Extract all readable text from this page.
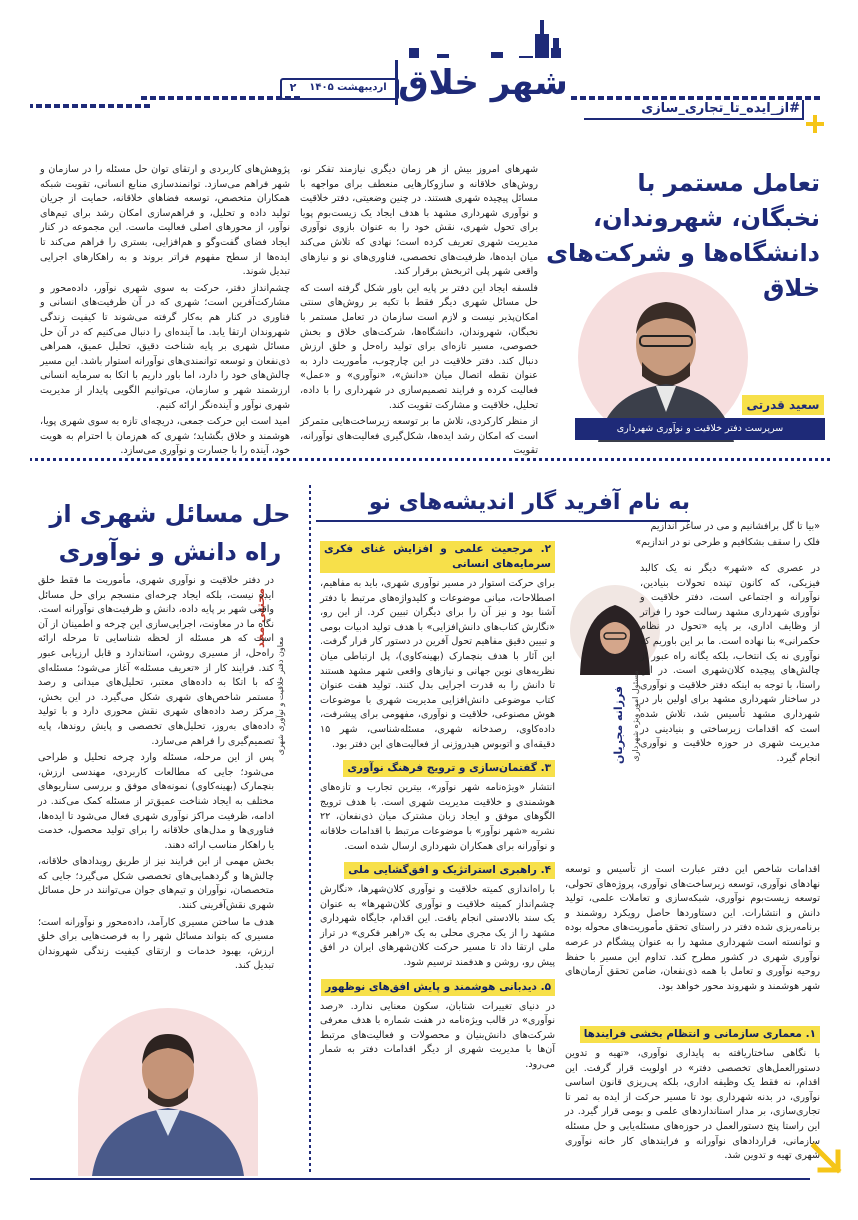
شهر خلاق
۲	اردیبهشت ۱۴۰۵
#از_ایده_تا_تجاری_سازی
تعامل مستمر با نخبگان، شهروندان، دانشگاه‌ها و شرکت‌های خلاق
سعید قدرتی
سرپرست دفتر خلاقیت و نوآوری شهرداری

شهرهای امروز بیش از هر زمان دیگری نیازمند تفکر نو، روش‌های خلاقانه و سازوکارهایی منعطف برای مواجهه با مسائل پیچیده شهری هستند. در چنین وضعیتی، دفتر خلاقیت و نوآوری شهرداری مشهد با هدف ایجاد یک زیست‌بوم پویا برای تحول شهری، نقش خود را به عنوان بازوی نوآوری مدیریت شهری تعریف کرده است؛ نهادی که تلاش می‌کند میان ایده‌ها، ظرفیت‌های تخصصی، فناوری‌های نو و نیازهای واقعی شهر پلی اثربخش برقرار کند.

فلسفه ایجاد این دفتر بر پایه این باور شکل گرفته است که حل مسائل شهری دیگر فقط با تکیه بر روش‌های سنتی امکان‌پذیر نیست و لازم است سازمان در تعامل مستمر با نخبگان، شهروندان، دانشگاه‌ها، شرکت‌های خلاق و بخش خصوصی، مسیر تازه‌ای برای تولید راه‌حل و خلق ارزش دنبال کند. دفتر خلاقیت در این چارچوب، مأموریت دارد به عنوان نقطه اتصال میان «دانش»، «نوآوری» و «عمل» فعالیت کرده و فرایند تصمیم‌سازی در شهرداری را با داده، تحلیل، خلاقیت و مشارکت تقویت کند.

از منظر کارکردی، تلاش ما بر توسعه زیرساخت‌هایی متمرکز است که امکان رشد ایده‌ها، شکل‌گیری فعالیت‌های نوآورانه، تقویت

پژوهش‌های کاربردی و ارتقای توان حل مسئله را در سازمان و شهر فراهم می‌سازد. توانمندسازی منابع انسانی، تقویت شبکه همکاران متخصص، توسعه فضاهای خلاقانه، حمایت از جریان تولید داده و تحلیل، و فراهم‌سازی امکان رشد برای تیم‌های نوآور، از محورهای اصلی فعالیت ماست. این مجموعه در کنار ایجاد فضای گفت‌وگو و هم‌افزایی، بستری را فراهم می‌کند تا ایده‌ها از سطح مفهوم فراتر بروند و به راهکارهای اجرایی تبدیل شوند.

چشم‌انداز دفتر، حرکت به سوی شهری نوآور، داده‌محور و مشارکت‌آفرین است؛ شهری که در آن ظرفیت‌های انسانی و فناوری در کنار هم به‌کار گرفته می‌شوند تا کیفیت زندگی شهروندان ارتقا یابد. ما آینده‌ای را دنبال می‌کنیم که در آن حل مسائل شهری بر پایه شناخت دقیق، تحلیل عمیق، همراهی ذی‌نفعان و توسعه توانمندی‌های نوآورانه استوار باشد. این مسیر چالش‌های خود را دارد، اما باور داریم با اتکا به سرمایه انسانی ارزشمند شهر و سازمان، می‌توانیم الگویی پایدار از مدیریت شهری نوآور و آینده‌نگر ارائه کنیم.

امید است این حرکت جمعی، دریچه‌ای تازه به سوی شهری پویا، هوشمند و خلاق بگشاید؛ شهری که هم‌زمان با احترام به هویت خود، آینده را با جسارت و نوآوری می‌سازد.

به نام آفرید گار اندیشه‌های نو
«بیا تا گل برافشانیم و می در ساغر اندازیم
فلک را سقف بشکافیم و طرحی نو در اندازیم»
فرزانه مجریان مسئول امور ویژه شهرداری

در عصری که «شهر» دیگر نه یک کالبد فیزیکی، که کانون تپنده تحولات بنیادین، نوآورانه و اجتماعی است، دفتر خلاقیت و نوآوری شهرداری مشهد رسالت خود را فراتر از وظایف اداری، بر پایه «تحول در نظام حکمرانی» بنا نهاده است. ما بر این باوریم که نوآوری نه یک انتخاب، بلکه یگانه راه عبور از چالش‌های پیچیده کلان‌شهری است. در این راستا، با توجه به اینکه دفتر خلاقیت و نوآوری در ساختار شهرداری مشهد برای اولین بار در شهرداری مشهد تأسیس شد، تلاش شده است که اقدامات زیرساختی و بنیادینی در مدیریت شهری در حوزه خلاقیت و نوآوری انجام گیرد.

اقدامات شاخص این دفتر عبارت است از تأسیس و توسعه نهادهای نوآوری، توسعه زیرساخت‌های نوآوری، پروژه‌های تحولی، توسعه زیست‌بوم نوآوری، شبکه‌سازی و تعاملات علمی، تولید دانش و انتشارات. این دستاوردها حاصل رویکرد روشمند و برنامه‌ریزی شده دفتر در راستای تحقق مأموریت‌های محوله بوده و توانسته است شهرداری مشهد را به عنوان پیشگام در عرصه نوآوری شهری در کشور مطرح کند. تداوم این مسیر با حفظ روحیه نوآوری و تعامل با همه ذی‌نفعان، ضامن تحقق آرمان‌های شهر هوشمند و شهروند محور خواهد بود.

۱. معماری سازمانی و انتظام بخشی فرایندها

با نگاهی ساختاریافته به پایداری نوآوری، «تهیه و تدوین دستورالعمل‌های تخصصی دفتر» در اولویت قرار گرفت. این اقدام، نه فقط یک وظیفه اداری، بلکه پی‌ریزی قانون اساسی نوآوری، در بدنه شهرداری بود تا مسیر حرکت از ایده به ثمر تا تجاری‌سازی، بر مدار استانداردهای علمی و بومی قرار گیرد. در این راستا پنج دستورالعمل در حوزه‌های مسئله‌یابی و حل مسئله سازمانی، قراردادهای نوآورانه و فرایندهای کار خانه نوآوری شهری تهیه و تدوین شد.

۲. مرجعیت علمی و افزایش غنای فکری سرمایه‌های انسانی

برای حرکت استوار در مسیر نوآوری شهری، باید به مفاهیم، اصطلاحات، مبانی موضوعات و کلیدواژه‌های مرتبط با دفتر آشنا بود و نیز آن را برای دیگران تبیین کرد. از این رو، «نگارش کتاب‌های دانش‌افزایی» با هدف تولید ادبیات بومی و تبیین دقیق مفاهیم تحول آفرین در دستور کار قرار گرفت. این آثار با هدف بنچمارک (بهینه‌کاوی)، پل ارتباطی میان نظریه‌های نوین جهانی و نیازهای واقعی شهر مشهد هستند تا دانش را به قدرت اجرایی بدل کنند. تولید هفت عنوان کتاب موضوعی دانش‌افزایی مدیریت شهری با موضوعات هوش مصنوعی، خلاقیت و نوآوری، مفهومی برای پیشرفت، داده‌کاوی، رصدخانه شهری، مسئله‌شناسی، شهر ۱۵ دقیقه‌ای و اتوبوس هیدروژنی از فعالیت‌های این دفتر بود.

۳. گفتمان‌سازی و ترویج فرهنگ نوآوری

انتشار «ویژه‌نامه شهر نوآور»، بیترین تجارب و تازه‌های هوشمندی و خلاقیت مدیریت شهری است. با هدف ترویج الگوهای موفق و ایجاد زبان مشترک میان ذی‌نفعان، ۲۲ نشریه «شهر نوآور» با موضوعات مرتبط با اقدامات خلاقانه و نوآورانه برای همکاران شهرداری ارسال شده است.

۴. راهبری استراتژیک و افق‌گشایی ملی

با راه‌اندازی کمیته خلاقیت و نوآوری کلان‌شهرها، «نگارش چشم‌انداز کمیته خلاقیت و نوآوری کلان‌شهرها» به عنوان یک سند بالادستی انجام یافت. این اقدام، جایگاه شهرداری مشهد را از یک مجری محلی به یک «راهبر فکری» در تراز ملی ارتقا داد تا مسیر حرکت کلان‌شهرهای ایران در افق پیش رو، روشن و هدفمند ترسیم شود.

۵. دیدبانی هوشمند و پایش افق‌های نوظهور

در دنیای تغییرات شتابان، سکون معنایی ندارد. «رصد نوآوری» در قالب ویژه‌نامه در هفت شماره با هدف معرفی شرکت‌های دانش‌بنیان و محصولات و فعالیت‌های مرتبط آن‌ها با مدیریت شهری از دیگر اقدامات دفتر به شمار می‌رود.

حل مسائل شهری از راه دانش و نوآوری
مجتبی مجد
معاون دفتر خلاقیت و نوآوری شهری

در دفتر خلاقیت و نوآوری شهری، مأموریت ما فقط خلق ایده نیست، بلکه ایجاد چرخه‌ای منسجم برای حل مسائل واقعی شهر بر پایه داده، دانش و ظرفیت‌های نوآورانه است. نگاه ما در معاونت، اجرایی‌سازی این چرخه و اطمینان از آن است که هر مسئله از لحظه شناسایی تا مرحله ارائه راه‌حل، از مسیری روشن، استاندارد و قابل ارزیابی عبور کند. فرایند کار از «تعریف مسئله» آغاز می‌شود؛ مسئله‌ای که با اتکا به داده‌های معتبر، تحلیل‌های میدانی و رصد مستمر شاخص‌های شهری شکل می‌گیرد. در این بخش، مرکز رصد داده‌های شهری نقش محوری دارد و با تولید داده‌های به‌روز، تحلیل‌های تخصصی و پایش روندها، پایه تصمیم‌گیری را فراهم می‌سازد.

پس از این مرحله، مسئله وارد چرخه تحلیل و طراحی می‌شود؛ جایی که مطالعات کاربردی، مهندسی ارزش، بنچمارک (بهینه‌کاوی) نمونه‌های موفق و بررسی سناریوهای مختلف به ایجاد شناخت عمیق‌تر از مسئله کمک می‌کند. در ادامه، ظرفیت مراکز نوآوری شهری فعال می‌شود تا ایده‌ها، فناوری‌ها و مدل‌های خلاقانه را برای تولید محصول، خدمت یا راهکار مناسب ارائه دهند.

بخش مهمی از این فرایند نیز از طریق رویدادهای خلاقانه، چالش‌ها و گردهمایی‌های تخصصی شکل می‌گیرد؛ جایی که متخصصان، نوآوران و تیم‌های جوان می‌توانند در حل مسائل شهری نقش‌آفرینی کنند.

هدف ما ساختن مسیری کارآمد، داده‌محور و نوآورانه است؛ مسیری که بتواند مسائل شهر را به فرصت‌هایی برای خلق ارزش، بهبود خدمات و ارتقای کیفیت زندگی شهروندان تبدیل کند.
